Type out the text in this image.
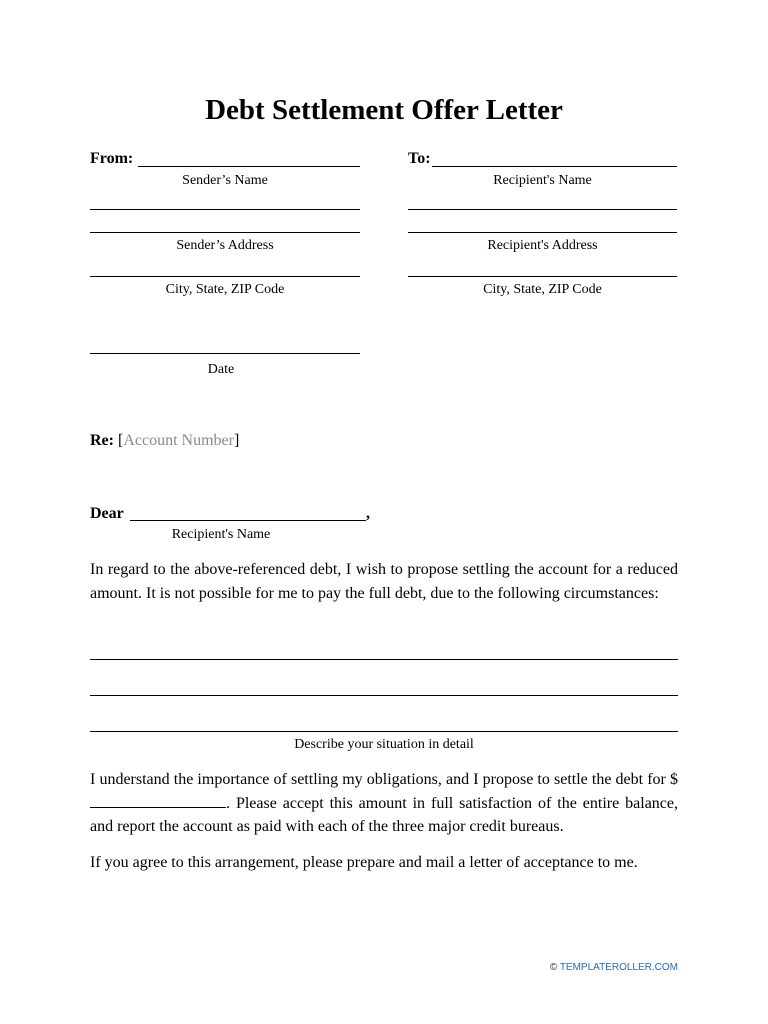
Debt Settlement Offer Letter
From:
Sender’s Name
Sender’s Address
City, State, ZIP Code
To:
Recipient's Name
Recipient's Address
City, State, ZIP Code
Date
Re: [Account Number]
Dear	,
Recipient's Name

In regard to the above-referenced debt, I wish to propose settling the account for a reduced amount. It is not possible for me to pay the full debt, due to the following circumstances:

Describe your situation in detail

I understand the importance of settling my obligations, and I propose to settle the debt for $. Please accept this amount in full satisfaction of the entire balance, and report the account as paid with each of the three major credit bureaus.

If you agree to this arrangement, please prepare and mail a letter of acceptance to me.

© TEMPLATEROLLER.COM
